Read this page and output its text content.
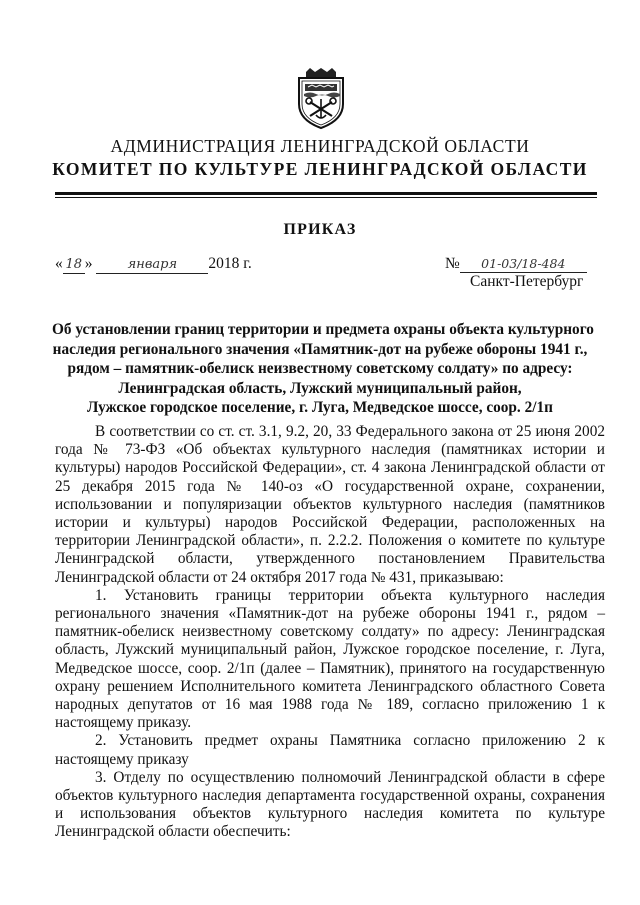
АДМИНИСТРАЦИЯ ЛЕНИНГРАДСКОЙ ОБЛАСТИ
КОМИТЕТ ПО КУЛЬТУРЕ ЛЕНИНГРАДСКОЙ ОБЛАСТИ
ПРИКАЗ
« 18 »	января 2018 г.	№ 01-03/18-484
Санкт-Петербург
Об установлении границ территории и предмета охраны объекта культурного
наследия регионального значения «Памятник-дот на рубеже обороны 1941 г.,
рядом – памятник-обелиск неизвестному советскому солдату» по адресу:
Ленинградская область, Лужский муниципальный район,
Лужское городское поселение, г. Луга, Медведское шоссе, соор. 2/1п

В соответствии со ст. ст. 3.1, 9.2, 20, 33 Федерального закона от 25 июня 2002 года № 73-ФЗ «Об объектах культурного наследия (памятниках истории и культуры) народов Российской Федерации», ст. 4 закона Ленинградской области от 25 декабря 2015 года № 140-оз «О государственной охране, сохранении, использовании и популяризации объектов культурного наследия (памятников истории и культуры) народов Российской Федерации, расположенных на территории Ленинградской области», п. 2.2.2. Положения о комитете по культуре Ленинградской области, утвержденного постановлением Правительства Ленинградской области от 24 октября 2017 года № 431, приказываю:

1. Установить границы территории объекта культурного наследия регионального значения «Памятник-дот на рубеже обороны 1941 г., рядом – памятник-обелиск неизвестному советскому солдату» по адресу: Ленинградская область, Лужский муниципальный район, Лужское городское поселение, г. Луга, Медведское шоссе, соор. 2/1п (далее – Памятник), принятого на государственную охрану решением Исполнительного комитета Ленинградского областного Совета народных депутатов от 16 мая 1988 года № 189, согласно приложению 1 к настоящему приказу.

2. Установить предмет охраны Памятника согласно приложению 2 к настоящему приказу

3. Отделу по осуществлению полномочий Ленинградской области в сфере объектов культурного наследия департамента государственной охраны, сохранения и использования объектов культурного наследия комитета по культуре Ленинградской области обеспечить:
